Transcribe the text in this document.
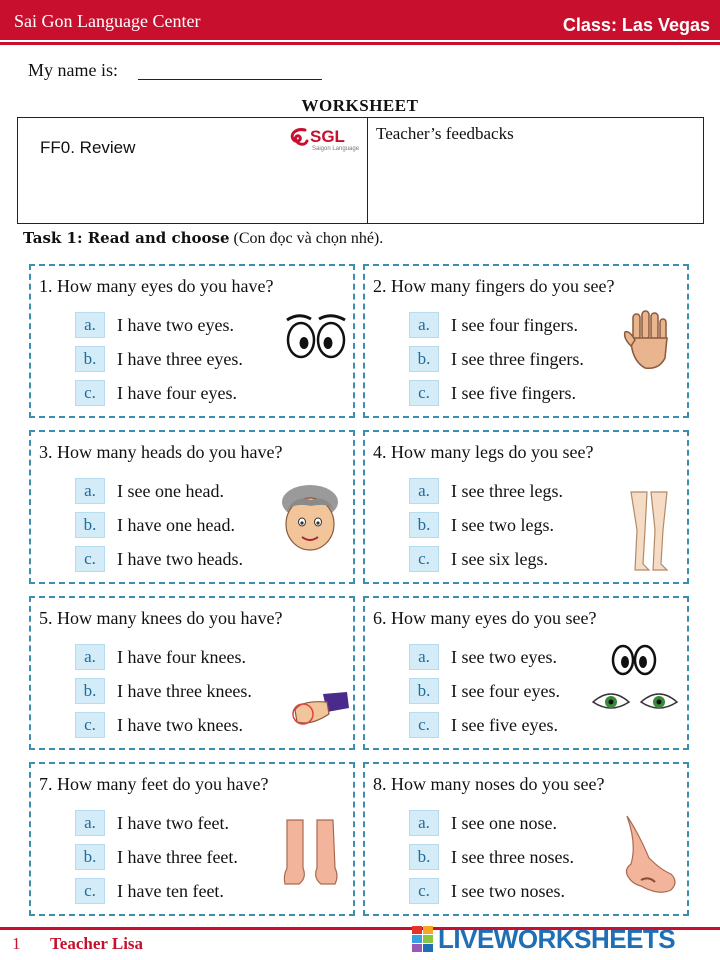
Sai Gon Language Center	Class: Las Vegas
My name is:
WORKSHEET
FF0. Review
SGL
Saigon Language
Teacher’s feedbacks
Task 1: Read and choose (Con đọc và chọn nhé).
1. How many eyes do you have?
a.	I have two eyes.
b.	I have three eyes.
c.	I have four eyes.
2. How many fingers do you see?
a.	I see four fingers.
b.	I see three fingers.
c.	I see five fingers.
3. How many heads do you have?
a.	I see one head.
b.	I have one head.
c.	I have two heads.
4. How many legs do you see?
a.	I see three legs.
b.	I see two legs.
c.	I see six legs.
5. How many knees do you have?
a.	I have four knees.
b.	I have three knees.
c.	I have two knees.
6. How many eyes do you see?
a.	I see two eyes.
b.	I see four eyes.
c.	I see five eyes.
7. How many feet do you have?
a.	I have two feet.
b.	I have three feet.
c.	I have ten feet.
8. How many noses do you see?
a.	I see one nose.
b.	I see three noses.
c.	I see two noses.
1 Teacher Lisa	LIVEWORKSHEETS
